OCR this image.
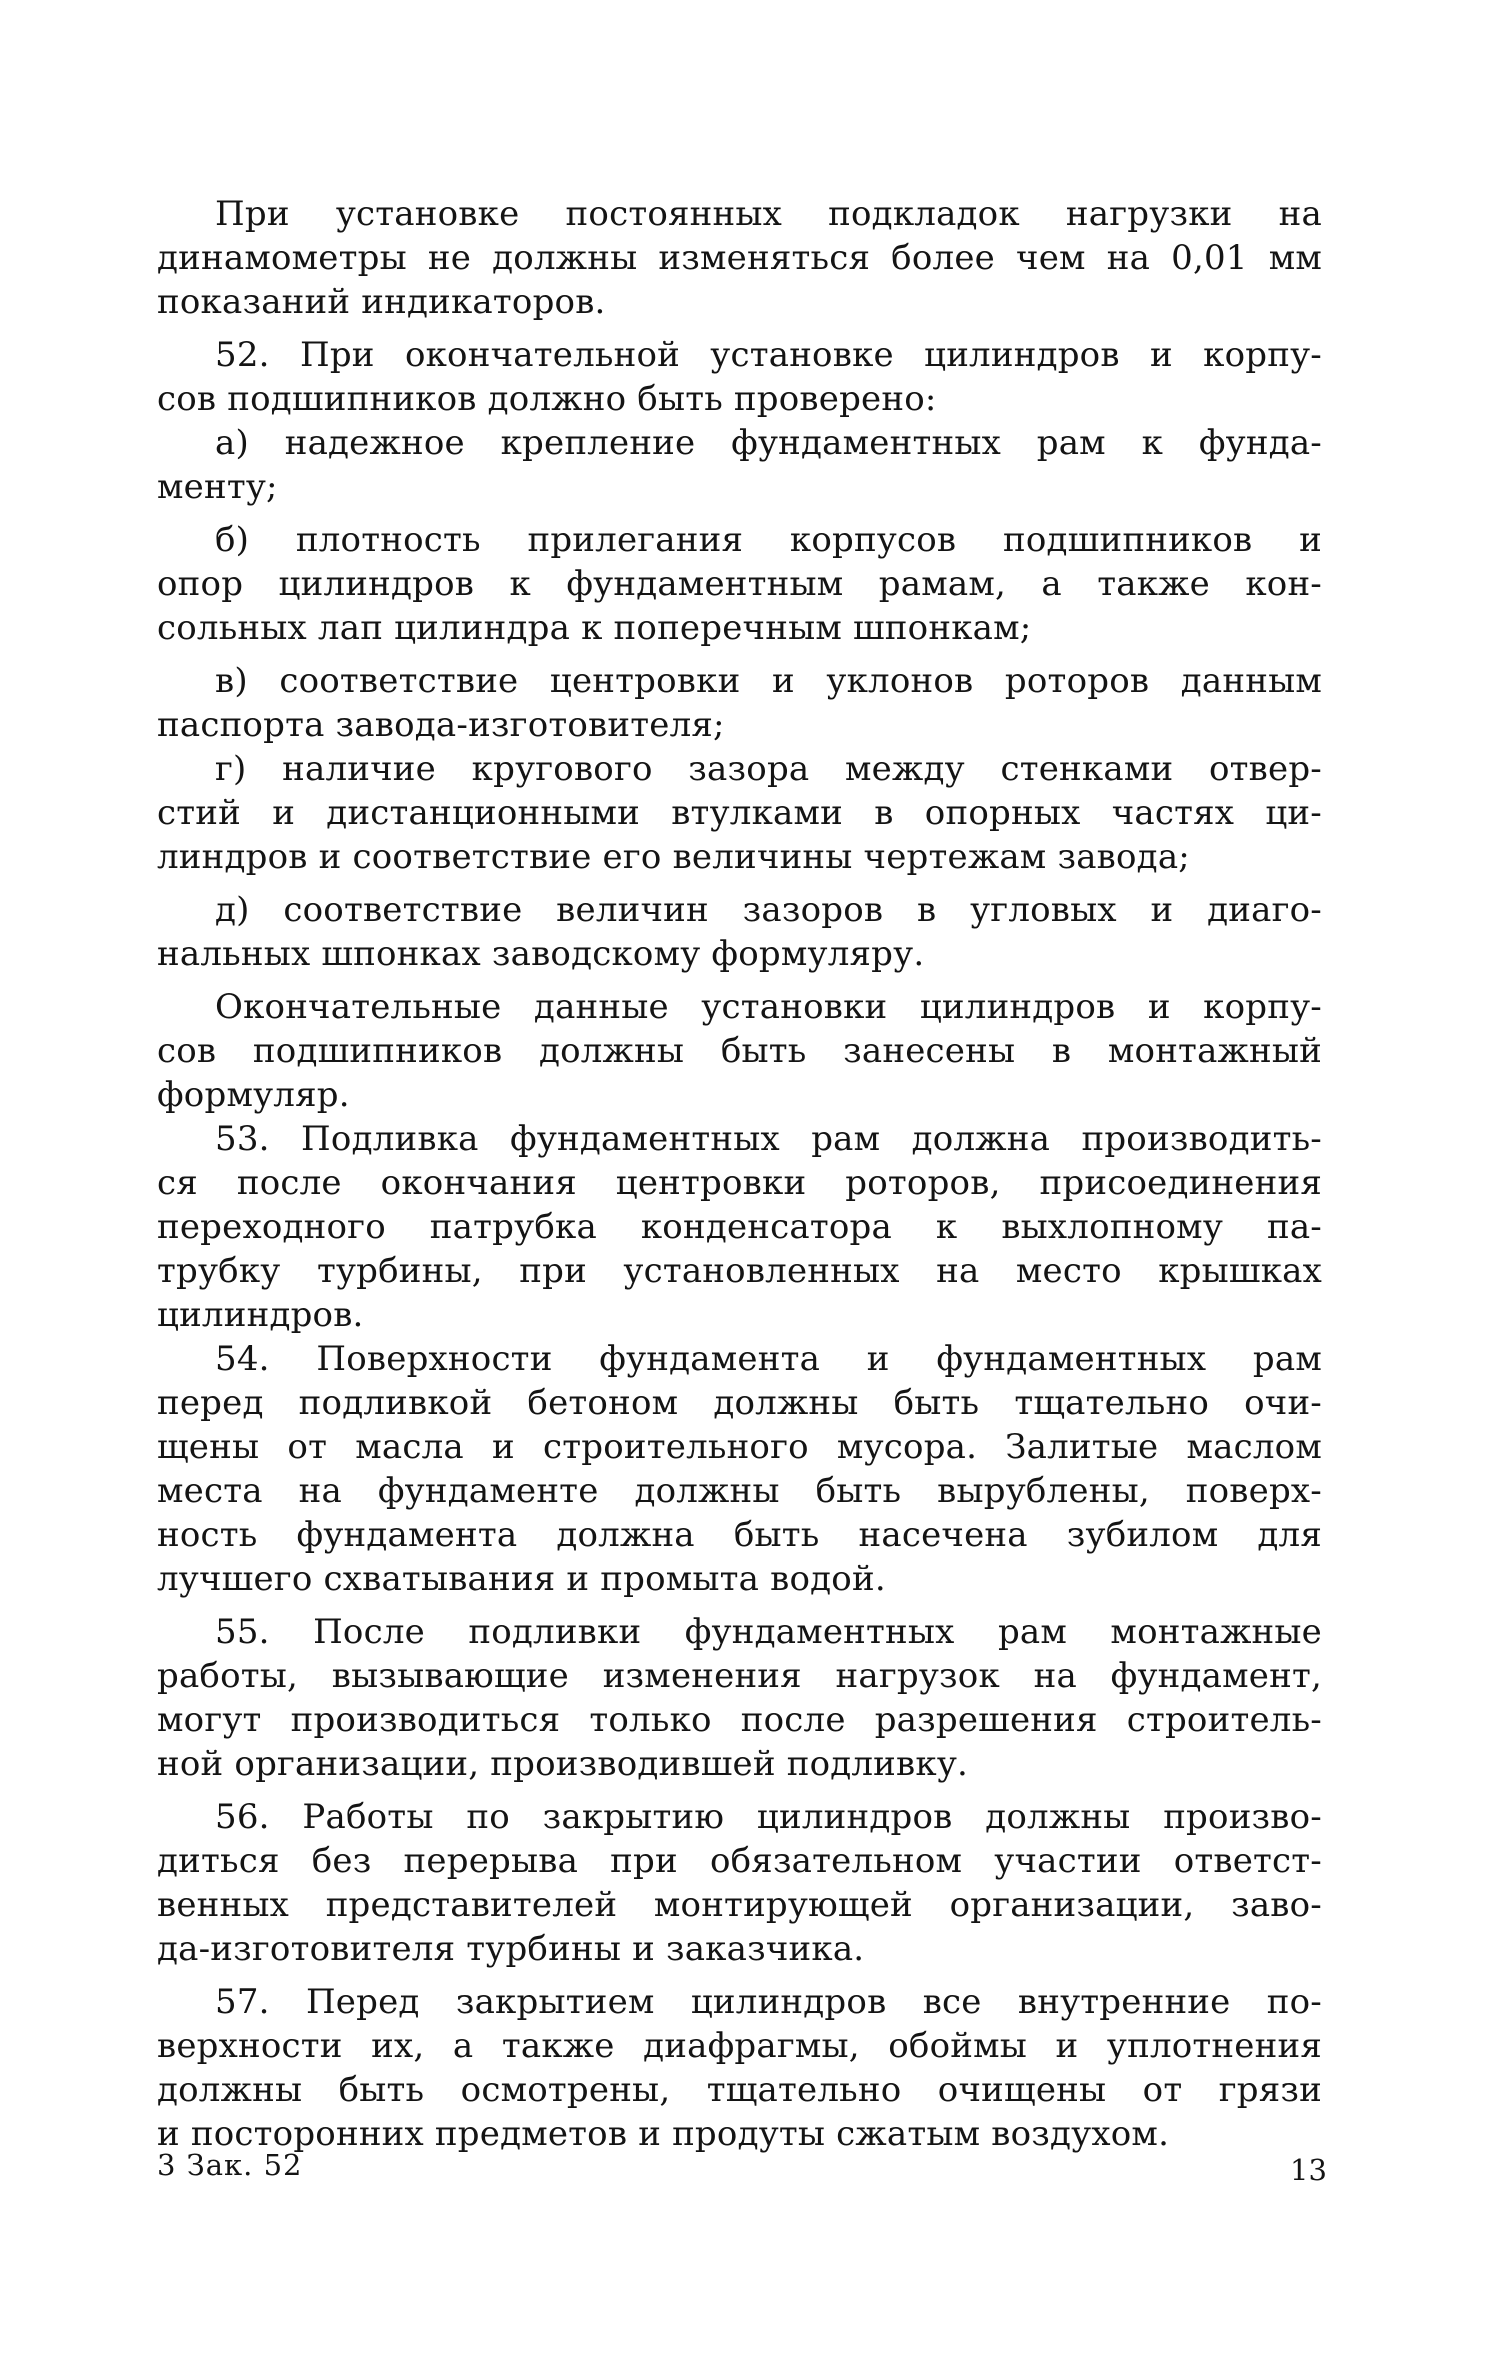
При установке постоянных подкладок нагрузки на
динамометры не должны изменяться более чем на 0,01 мм
показаний индикаторов.
52. При окончательной установке цилиндров и корпу-
сов подшипников должно быть проверено:
а) надежное крепление фундаментных рам к фунда-
менту;
б) плотность прилегания корпусов подшипников и
опор цилиндров к фундаментным рамам, а также кон-
сольных лап цилиндра к поперечным шпонкам;
в) соответствие центровки и уклонов роторов данным
паспорта завода-изготовителя;
г) наличие кругового зазора между стенками отвер-
стий и дистанционными втулками в опорных частях ци-
линдров и соответствие его величины чертежам завода;
д) соответствие величин зазоров в угловых и диаго-
нальных шпонках заводскому формуляру.
Окончательные данные установки цилиндров и корпу-
сов подшипников должны быть занесены в монтажный
формуляр.
53. Подливка фундаментных рам должна производить-
ся после окончания центровки роторов, присоединения
переходного патрубка конденсатора к выхлопному па-
трубку турбины, при установленных на место крышках
цилиндров.
54. Поверхности фундамента и фундаментных рам
перед подливкой бетоном должны быть тщательно очи-
щены от масла и строительного мусора. Залитые маслом
места на фундаменте должны быть вырублены, поверх-
ность фундамента должна быть насечена зубилом для
лучшего схватывания и промыта водой.
55. После подливки фундаментных рам монтажные
работы, вызывающие изменения нагрузок на фундамент,
могут производиться только после разрешения строитель-
ной организации, производившей подливку.
56. Работы по закрытию цилиндров должны произво-
диться без перерыва при обязательном участии ответст-
венных представителей монтирующей организации, заво-
да-изготовителя турбины и заказчика.
57. Перед закрытием цилиндров все внутренние по-
верхности их, а также диафрагмы, обоймы и уплотнения
должны быть осмотрены, тщательно очищены от грязи
и посторонних предметов и продуты сжатым воздухом.
3 Зак. 52	13
